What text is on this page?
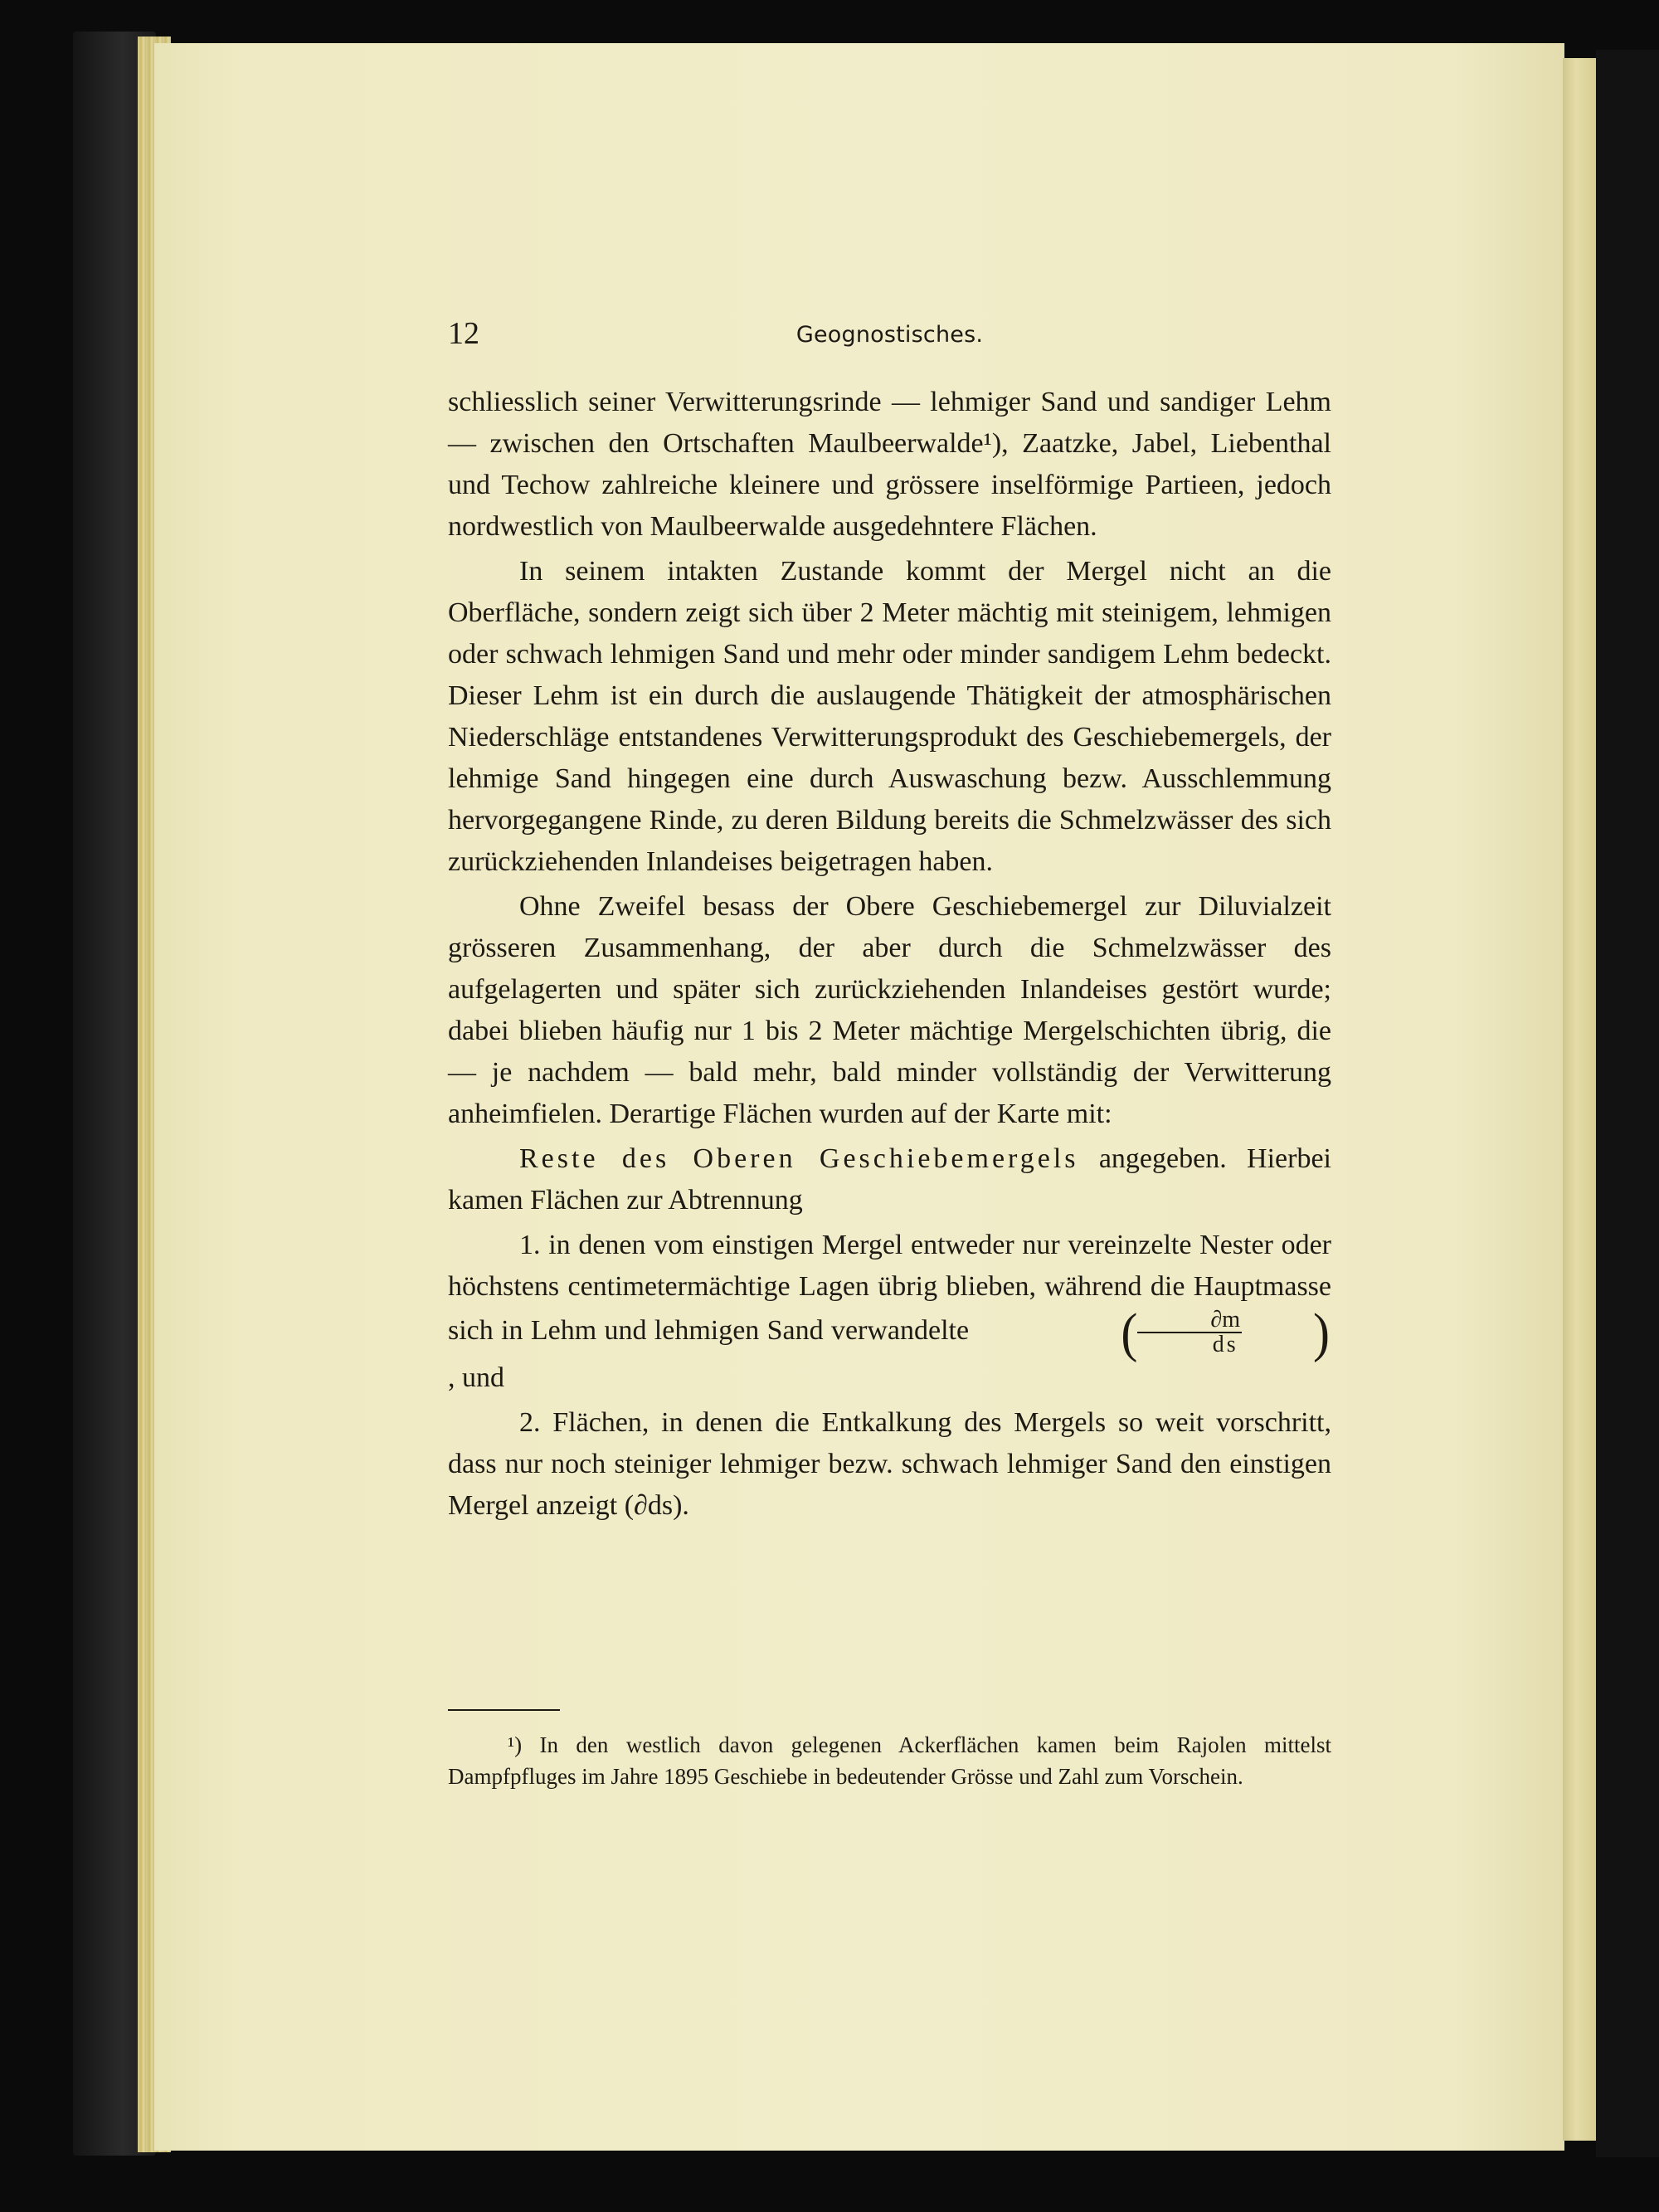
12	Geognostisches.

schliesslich seiner Verwitterungsrinde — lehmiger Sand und sandiger Lehm — zwischen den Ortschaften Maulbeerwalde¹), Zaatzke, Jabel, Liebenthal und Techow zahlreiche kleinere und grössere inselförmige Partieen, jedoch nordwestlich von Maulbeerwalde ausgedehntere Flächen.

In seinem intakten Zustande kommt der Mergel nicht an die Oberfläche, sondern zeigt sich über 2 Meter mächtig mit steinigem, lehmigen oder schwach lehmigen Sand und mehr oder minder sandigem Lehm bedeckt. Dieser Lehm ist ein durch die auslaugende Thätigkeit der atmosphärischen Niederschläge entstandenes Verwitterungsprodukt des Geschiebemergels, der lehmige Sand hingegen eine durch Auswaschung bezw. Ausschlemmung hervorgegangene Rinde, zu deren Bildung bereits die Schmelzwässer des sich zurückziehenden Inlandeises beigetragen haben.

Ohne Zweifel besass der Obere Geschiebemergel zur Diluvialzeit grösseren Zusammenhang, der aber durch die Schmelzwässer des aufgelagerten und später sich zurückziehenden Inlandeises gestört wurde; dabei blieben häufig nur 1 bis 2 Meter mächtige Mergelschichten übrig, die — je nachdem — bald mehr, bald minder vollständig der Verwitterung anheimfielen. Derartige Flächen wurden auf der Karte mit:

Reste des Oberen Geschiebemergels angegeben. Hierbei kamen Flächen zur Abtrennung

1. in denen vom einstigen Mergel entweder nur vereinzelte Nester oder höchstens centimetermächtige Lagen übrig blieben, während die Hauptmasse sich in Lehm und lehmigen Sand verwandelte	( $\frac{\partial m}{ds}$ ), und

2. Flächen, in denen die Entkalkung des Mergels so weit vorschritt, dass nur noch steiniger lehmiger bezw. schwach lehmiger Sand den einstigen Mergel anzeigt (∂ds).

¹) In den westlich davon gelegenen Ackerflächen kamen beim Rajolen mittelst Dampfpfluges im Jahre 1895 Geschiebe in bedeutender Grösse und Zahl zum Vorschein.
